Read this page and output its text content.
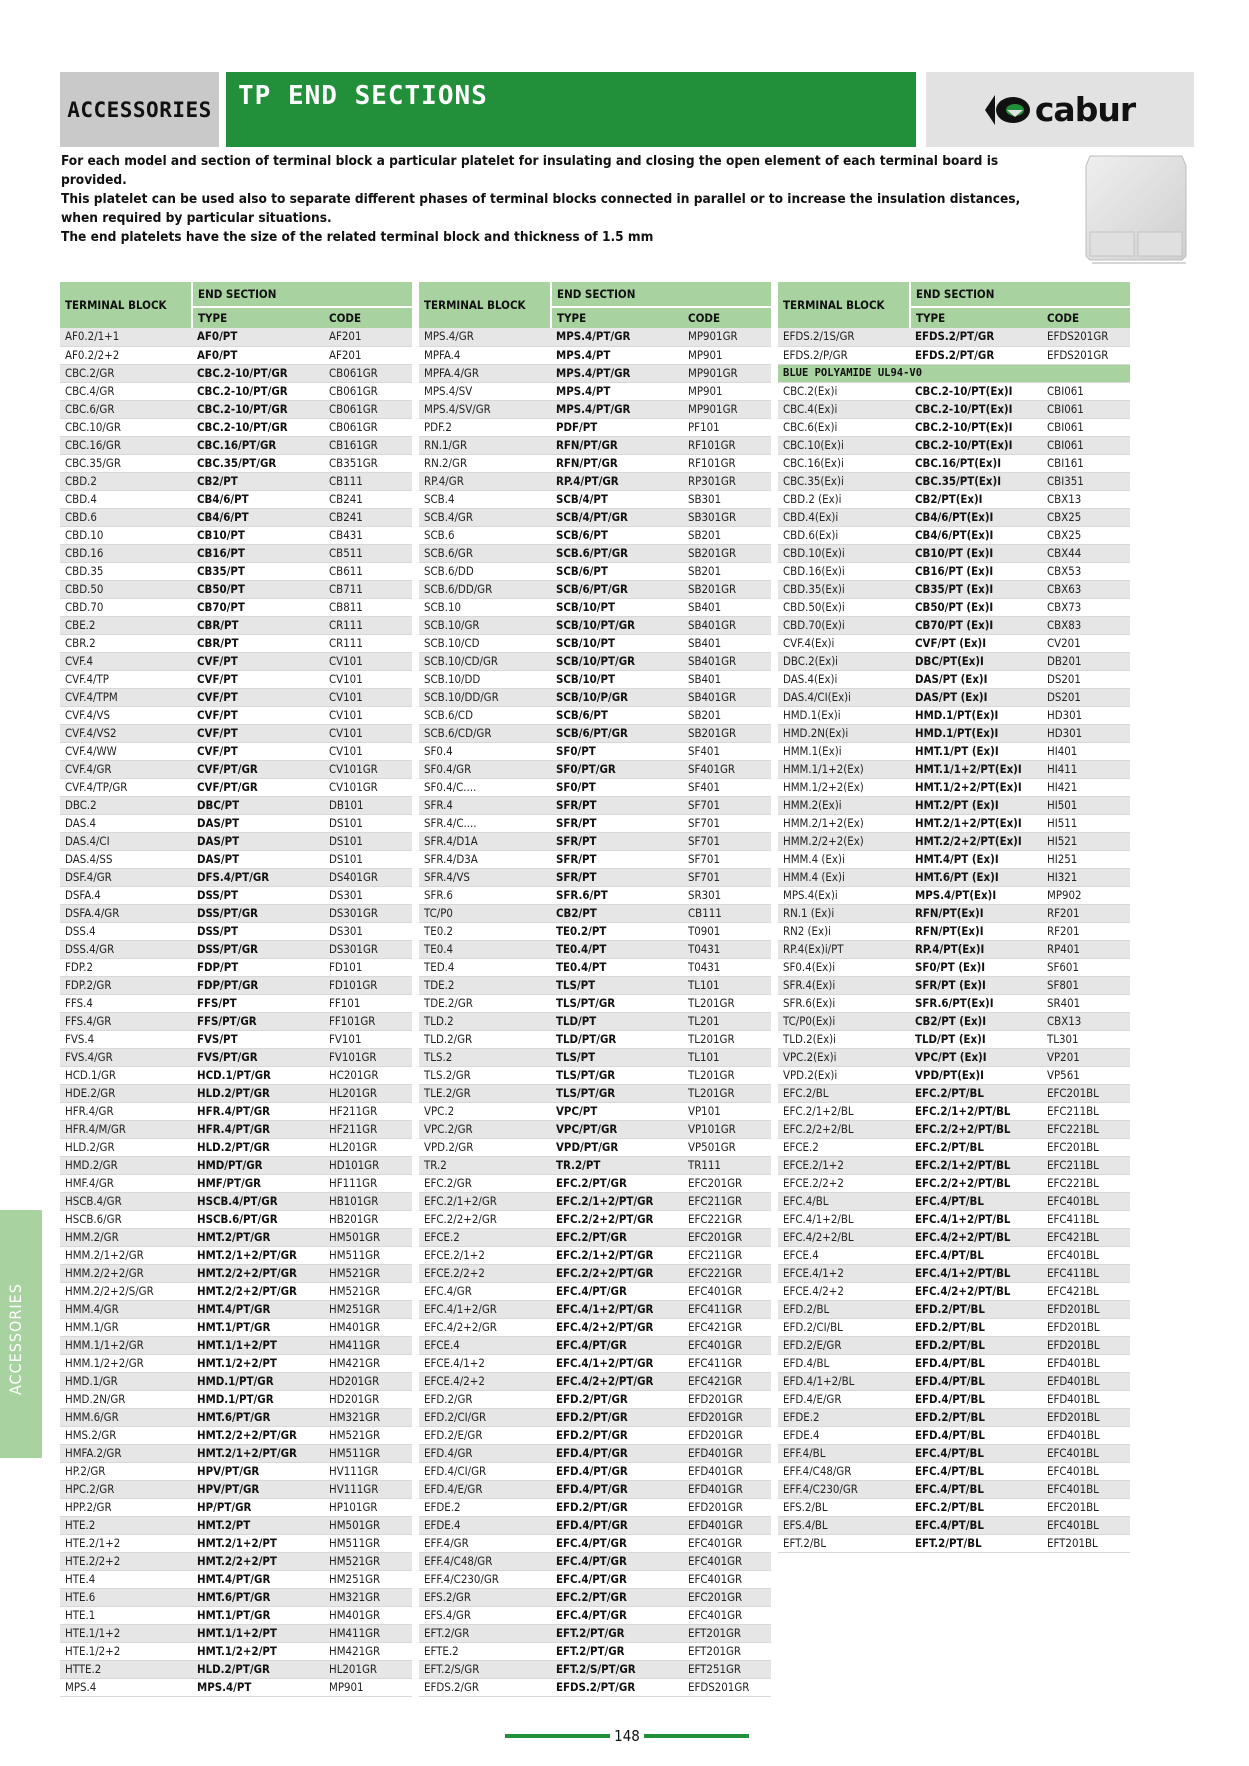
ACCESSORIES	TP END SECTIONS	cabur

For each model and section of terminal block a particular platelet for insulating and closing the open element of each terminal board is provided.

This platelet can be used also to separate different phases of terminal blocks connected in parallel or to increase the insulation distances, when required by particular situations.

The end platelets have the size of the related terminal block and thickness of 1.5 mm

TERMINAL BLOCK	END SECTION	
	TYPE	CODE
AF0.2/1+1	AF0/PT	AF201
AF0.2/2+2	AF0/PT	AF201
CBC.2/GR	CBC.2-10/PT/GR	CB061GR
CBC.4/GR	CBC.2-10/PT/GR	CB061GR
CBC.6/GR	CBC.2-10/PT/GR	CB061GR
CBC.10/GR	CBC.2-10/PT/GR	CB061GR
CBC.16/GR	CBC.16/PT/GR	CB161GR
CBC.35/GR	CBC.35/PT/GR	CB351GR
CBD.2	CB2/PT	CB111
CBD.4	CB4/6/PT	CB241
CBD.6	CB4/6/PT	CB241
CBD.10	CB10/PT	CB431
CBD.16	CB16/PT	CB511
CBD.35	CB35/PT	CB611
CBD.50	CB50/PT	CB711
CBD.70	CB70/PT	CB811
CBE.2	CBR/PT	CR111
CBR.2	CBR/PT	CR111
CVF.4	CVF/PT	CV101
CVF.4/TP	CVF/PT	CV101
CVF.4/TPM	CVF/PT	CV101
CVF.4/VS	CVF/PT	CV101
CVF.4/VS2	CVF/PT	CV101
CVF.4/WW	CVF/PT	CV101
CVF.4/GR	CVF/PT/GR	CV101GR
CVF.4/TP/GR	CVF/PT/GR	CV101GR
DBC.2	DBC/PT	DB101
DAS.4	DAS/PT	DS101
DAS.4/CI	DAS/PT	DS101
DAS.4/SS	DAS/PT	DS101
DSF.4/GR	DFS.4/PT/GR	DS401GR
DSFA.4	DSS/PT	DS301
DSFA.4/GR	DSS/PT/GR	DS301GR
DSS.4	DSS/PT	DS301
DSS.4/GR	DSS/PT/GR	DS301GR
FDP.2	FDP/PT	FD101
FDP.2/GR	FDP/PT/GR	FD101GR
FFS.4	FFS/PT	FF101
FFS.4/GR	FFS/PT/GR	FF101GR
FVS.4	FVS/PT	FV101
FVS.4/GR	FVS/PT/GR	FV101GR
HCD.1/GR	HCD.1/PT/GR	HC201GR
HDE.2/GR	HLD.2/PT/GR	HL201GR
HFR.4/GR	HFR.4/PT/GR	HF211GR
HFR.4/M/GR	HFR.4/PT/GR	HF211GR
HLD.2/GR	HLD.2/PT/GR	HL201GR
HMD.2/GR	HMD/PT/GR	HD101GR
HMF.4/GR	HMF/PT/GR	HF111GR
HSCB.4/GR	HSCB.4/PT/GR	HB101GR
HSCB.6/GR	HSCB.6/PT/GR	HB201GR
HMM.2/GR	HMT.2/PT/GR	HM501GR
HMM.2/1+2/GR	HMT.2/1+2/PT/GR	HM511GR
HMM.2/2+2/GR	HMT.2/2+2/PT/GR	HM521GR
HMM.2/2+2/S/GR	HMT.2/2+2/PT/GR	HM521GR
HMM.4/GR	HMT.4/PT/GR	HM251GR
HMM.1/GR	HMT.1/PT/GR	HM401GR
HMM.1/1+2/GR	HMT.1/1+2/PT	HM411GR
HMM.1/2+2/GR	HMT.1/2+2/PT	HM421GR
HMD.1/GR	HMD.1/PT/GR	HD201GR
HMD.2N/GR	HMD.1/PT/GR	HD201GR
HMM.6/GR	HMT.6/PT/GR	HM321GR
HMS.2/GR	HMT.2/2+2/PT/GR	HM521GR
HMFA.2/GR	HMT.2/1+2/PT/GR	HM511GR
HP.2/GR	HPV/PT/GR	HV111GR
HPC.2/GR	HPV/PT/GR	HV111GR
HPP.2/GR	HP/PT/GR	HP101GR
HTE.2	HMT.2/PT	HM501GR
HTE.2/1+2	HMT.2/1+2/PT	HM511GR
HTE.2/2+2	HMT.2/2+2/PT	HM521GR
HTE.4	HMT.4/PT/GR	HM251GR
HTE.6	HMT.6/PT/GR	HM321GR
HTE.1	HMT.1/PT/GR	HM401GR
HTE.1/1+2	HMT.1/1+2/PT	HM411GR
HTE.1/2+2	HMT.1/2+2/PT	HM421GR
HTTE.2	HLD.2/PT/GR	HL201GR
MPS.4	MPS.4/PT	MP901
TERMINAL BLOCK	END SECTION	
	TYPE	CODE
MPS.4/GR	MPS.4/PT/GR	MP901GR
MPFA.4	MPS.4/PT	MP901
MPFA.4/GR	MPS.4/PT/GR	MP901GR
MPS.4/SV	MPS.4/PT	MP901
MPS.4/SV/GR	MPS.4/PT/GR	MP901GR
PDF.2	PDF/PT	PF101
RN.1/GR	RFN/PT/GR	RF101GR
RN.2/GR	RFN/PT/GR	RF101GR
RP.4/GR	RP.4/PT/GR	RP301GR
SCB.4	SCB/4/PT	SB301
SCB.4/GR	SCB/4/PT/GR	SB301GR
SCB.6	SCB/6/PT	SB201
SCB.6/GR	SCB.6/PT/GR	SB201GR
SCB.6/DD	SCB/6/PT	SB201
SCB.6/DD/GR	SCB/6/PT/GR	SB201GR
SCB.10	SCB/10/PT	SB401
SCB.10/GR	SCB/10/PT/GR	SB401GR
SCB.10/CD	SCB/10/PT	SB401
SCB.10/CD/GR	SCB/10/PT/GR	SB401GR
SCB.10/DD	SCB/10/PT	SB401
SCB.10/DD/GR	SCB/10/P/GR	SB401GR
SCB.6/CD	SCB/6/PT	SB201
SCB.6/CD/GR	SCB/6/PT/GR	SB201GR
SF0.4	SF0/PT	SF401
SF0.4/GR	SF0/PT/GR	SF401GR
SF0.4/C....	SF0/PT	SF401
SFR.4	SFR/PT	SF701
SFR.4/C....	SFR/PT	SF701
SFR.4/D1A	SFR/PT	SF701
SFR.4/D3A	SFR/PT	SF701
SFR.4/VS	SFR/PT	SF701
SFR.6	SFR.6/PT	SR301
TC/P0	CB2/PT	CB111
TE0.2	TE0.2/PT	T0901
TE0.4	TE0.4/PT	T0431
TED.4	TE0.4/PT	T0431
TDE.2	TLS/PT	TL101
TDE.2/GR	TLS/PT/GR	TL201GR
TLD.2	TLD/PT	TL201
TLD.2/GR	TLD/PT/GR	TL201GR
TLS.2	TLS/PT	TL101
TLS.2/GR	TLS/PT/GR	TL201GR
TLE.2/GR	TLS/PT/GR	TL201GR
VPC.2	VPC/PT	VP101
VPC.2/GR	VPC/PT/GR	VP101GR
VPD.2/GR	VPD/PT/GR	VP501GR
TR.2	TR.2/PT	TR111
EFC.2/GR	EFC.2/PT/GR	EFC201GR
EFC.2/1+2/GR	EFC.2/1+2/PT/GR	EFC211GR
EFC.2/2+2/GR	EFC.2/2+2/PT/GR	EFC221GR
EFCE.2	EFC.2/PT/GR	EFC201GR
EFCE.2/1+2	EFC.2/1+2/PT/GR	EFC211GR
EFCE.2/2+2	EFC.2/2+2/PT/GR	EFC221GR
EFC.4/GR	EFC.4/PT/GR	EFC401GR
EFC.4/1+2/GR	EFC.4/1+2/PT/GR	EFC411GR
EFC.4/2+2/GR	EFC.4/2+2/PT/GR	EFC421GR
EFCE.4	EFC.4/PT/GR	EFC401GR
EFCE.4/1+2	EFC.4/1+2/PT/GR	EFC411GR
EFCE.4/2+2	EFC.4/2+2/PT/GR	EFC421GR
EFD.2/GR	EFD.2/PT/GR	EFD201GR
EFD.2/CI/GR	EFD.2/PT/GR	EFD201GR
EFD.2/E/GR	EFD.2/PT/GR	EFD201GR
EFD.4/GR	EFD.4/PT/GR	EFD401GR
EFD.4/CI/GR	EFD.4/PT/GR	EFD401GR
EFD.4/E/GR	EFD.4/PT/GR	EFD401GR
EFDE.2	EFD.2/PT/GR	EFD201GR
EFDE.4	EFD.4/PT/GR	EFD401GR
EFF.4/GR	EFC.4/PT/GR	EFC401GR
EFF.4/C48/GR	EFC.4/PT/GR	EFC401GR
EFF.4/C230/GR	EFC.4/PT/GR	EFC401GR
EFS.2/GR	EFC.2/PT/GR	EFC201GR
EFS.4/GR	EFC.4/PT/GR	EFC401GR
EFT.2/GR	EFT.2/PT/GR	EFT201GR
EFTE.2	EFT.2/PT/GR	EFT201GR
EFT.2/S/GR	EFT.2/S/PT/GR	EFT251GR
EFDS.2/GR	EFDS.2/PT/GR	EFDS201GR
TERMINAL BLOCK	END SECTION	
	TYPE	CODE
EFDS.2/1S/GR	EFDS.2/PT/GR	EFDS201GR
EFDS.2/P/GR	EFDS.2/PT/GR	EFDS201GR
BLUE POLYAMIDE UL94-V0		
CBC.2(Ex)i	CBC.2-10/PT(Ex)I	CBI061
CBC.4(Ex)i	CBC.2-10/PT(Ex)I	CBI061
CBC.6(Ex)i	CBC.2-10/PT(Ex)I	CBI061
CBC.10(Ex)i	CBC.2-10/PT(Ex)I	CBI061
CBC.16(Ex)i	CBC.16/PT(Ex)I	CBI161
CBC.35(Ex)i	CBC.35/PT(Ex)I	CBI351
CBD.2 (Ex)i	CB2/PT(Ex)I	CBX13
CBD.4(Ex)i	CB4/6/PT(Ex)I	CBX25
CBD.6(Ex)i	CB4/6/PT(Ex)I	CBX25
CBD.10(Ex)i	CB10/PT (Ex)I	CBX44
CBD.16(Ex)i	CB16/PT (Ex)I	CBX53
CBD.35(Ex)i	CB35/PT (Ex)I	CBX63
CBD.50(Ex)i	CB50/PT (Ex)I	CBX73
CBD.70(Ex)i	CB70/PT (Ex)I	CBX83
CVF.4(Ex)i	CVF/PT (Ex)I	CV201
DBC.2(Ex)i	DBC/PT(Ex)I	DB201
DAS.4(Ex)i	DAS/PT (Ex)I	DS201
DAS.4/CI(Ex)i	DAS/PT (Ex)I	DS201
HMD.1(Ex)i	HMD.1/PT(Ex)I	HD301
HMD.2N(Ex)i	HMD.1/PT(Ex)I	HD301
HMM.1(Ex)i	HMT.1/PT (Ex)I	HI401
HMM.1/1+2(Ex)	HMT.1/1+2/PT(Ex)I	HI411
HMM.1/2+2(Ex)	HMT.1/2+2/PT(Ex)I	HI421
HMM.2(Ex)i	HMT.2/PT (Ex)I	HI501
HMM.2/1+2(Ex)	HMT.2/1+2/PT(Ex)I	HI511
HMM.2/2+2(Ex)	HMT.2/2+2/PT(Ex)I	HI521
HMM.4 (Ex)i	HMT.4/PT (Ex)I	HI251
HMM.4 (Ex)i	HMT.6/PT (Ex)I	HI321
MPS.4(Ex)i	MPS.4/PT(Ex)I	MP902
RN.1 (Ex)i	RFN/PT(Ex)I	RF201
RN2 (Ex)i	RFN/PT(Ex)I	RF201
RP.4(Ex)i/PT	RP.4/PT(Ex)I	RP401
SF0.4(Ex)i	SF0/PT (Ex)I	SF601
SFR.4(Ex)i	SFR/PT (Ex)I	SF801
SFR.6(Ex)i	SFR.6/PT(Ex)I	SR401
TC/P0(Ex)i	CB2/PT (Ex)I	CBX13
TLD.2(Ex)i	TLD/PT (Ex)I	TL301
VPC.2(Ex)i	VPC/PT (Ex)I	VP201
VPD.2(Ex)i	VPD/PT(Ex)I	VP561
EFC.2/BL	EFC.2/PT/BL	EFC201BL
EFC.2/1+2/BL	EFC.2/1+2/PT/BL	EFC211BL
EFC.2/2+2/BL	EFC.2/2+2/PT/BL	EFC221BL
EFCE.2	EFC.2/PT/BL	EFC201BL
EFCE.2/1+2	EFC.2/1+2/PT/BL	EFC211BL
EFCE.2/2+2	EFC.2/2+2/PT/BL	EFC221BL
EFC.4/BL	EFC.4/PT/BL	EFC401BL
EFC.4/1+2/BL	EFC.4/1+2/PT/BL	EFC411BL
EFC.4/2+2/BL	EFC.4/2+2/PT/BL	EFC421BL
EFCE.4	EFC.4/PT/BL	EFC401BL
EFCE.4/1+2	EFC.4/1+2/PT/BL	EFC411BL
EFCE.4/2+2	EFC.4/2+2/PT/BL	EFC421BL
EFD.2/BL	EFD.2/PT/BL	EFD201BL
EFD.2/CI/BL	EFD.2/PT/BL	EFD201BL
EFD.2/E/GR	EFD.2/PT/BL	EFD201BL
EFD.4/BL	EFD.4/PT/BL	EFD401BL
EFD.4/1+2/BL	EFD.4/PT/BL	EFD401BL
EFD.4/E/GR	EFD.4/PT/BL	EFD401BL
EFDE.2	EFD.2/PT/BL	EFD201BL
EFDE.4	EFD.4/PT/BL	EFD401BL
EFF.4/BL	EFC.4/PT/BL	EFC401BL
EFF.4/C48/GR	EFC.4/PT/BL	EFC401BL
EFF.4/C230/GR	EFC.4/PT/BL	EFC401BL
EFS.2/BL	EFC.2/PT/BL	EFC201BL
EFS.4/BL	EFC.4/PT/BL	EFC401BL
EFT.2/BL	EFT.2/PT/BL	EFT201BL
ACCESSORIES
148
